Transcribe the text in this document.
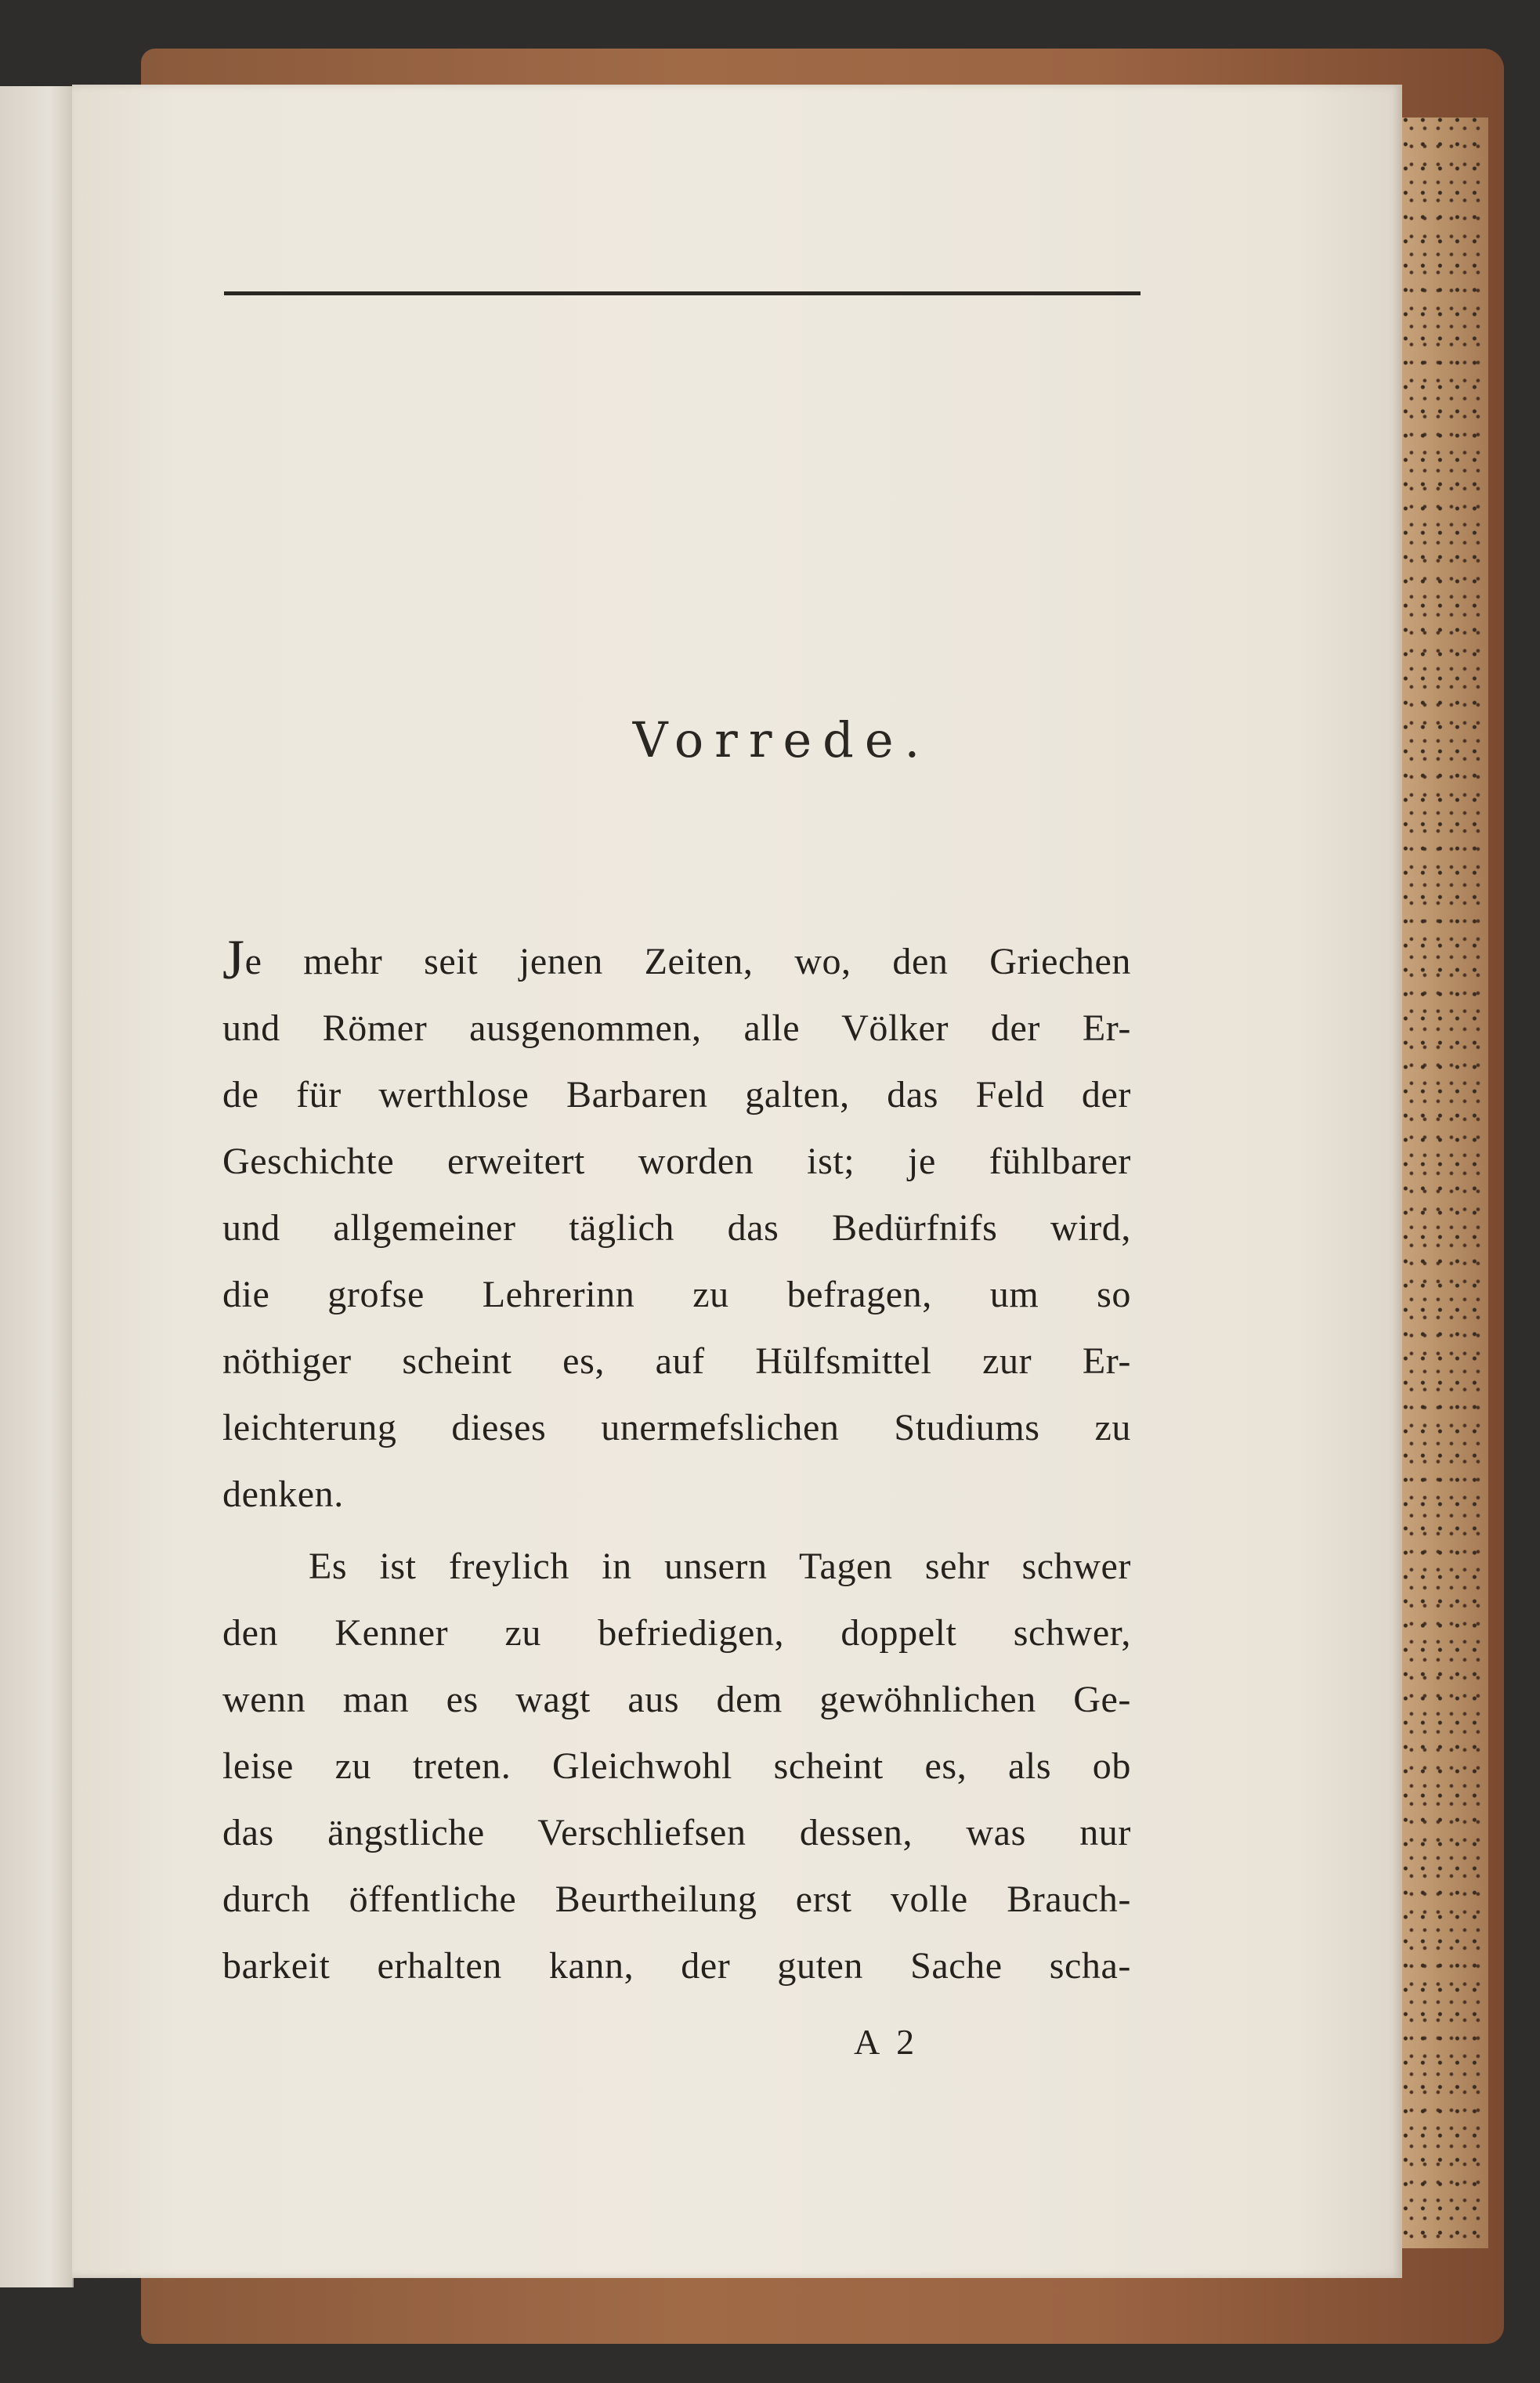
Vorrede.
Je mehr seit jenen Zeiten, wo, den Griechen
und Römer ausgenommen, alle Völker der Er-
de für werthlose Barbaren galten, das Feld der
Geschichte erweitert worden ist; je fühlbarer
und allgemeiner täglich das Bedürfnifs wird,
die grofse Lehrerinn zu befragen, um so
nöthiger scheint es, auf Hülfsmittel zur Er-
leichterung dieses unermefslichen Studiums zu
denken.
Es ist freylich in unsern Tagen sehr schwer
den Kenner zu befriedigen, doppelt schwer,
wenn man es wagt aus dem gewöhnlichen Ge-
leise zu treten. Gleichwohl scheint es, als ob
das ängstliche Verschliefsen dessen, was nur
durch öffentliche Beurtheilung erst volle Brauch-
barkeit erhalten kann, der guten Sache scha-
A 2
